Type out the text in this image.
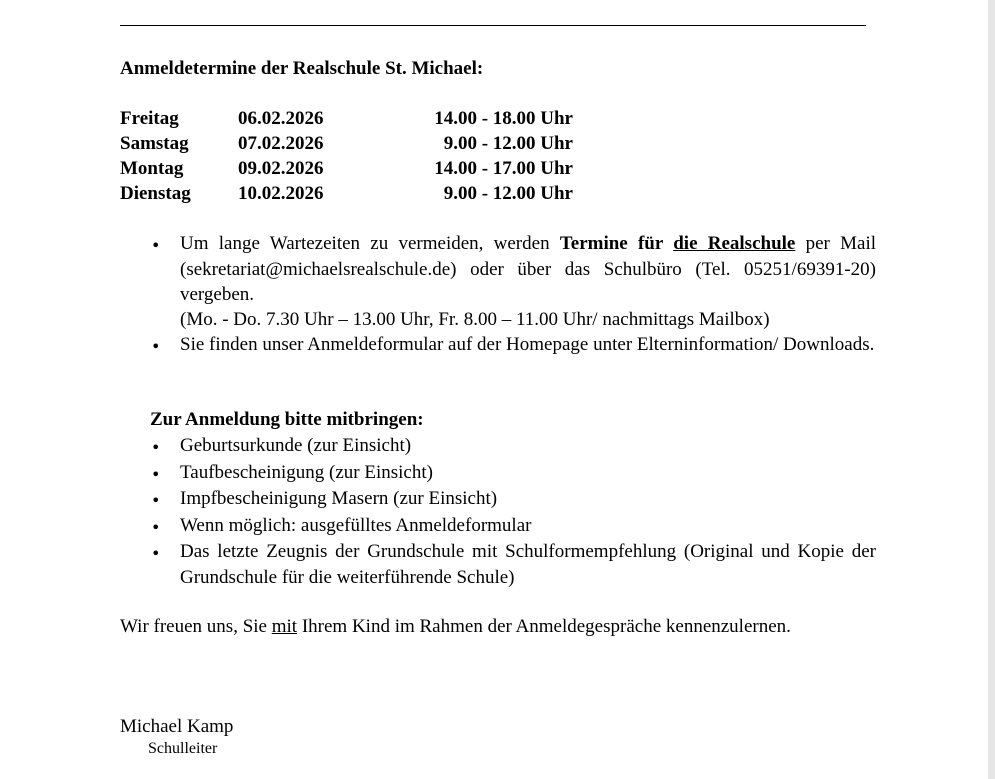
Anmeldetermine der Realschule St. Michael:
Freitag	06.02.2026	14.00 - 18.00 Uhr
Samstag	07.02.2026	9.00 - 12.00 Uhr
Montag	09.02.2026	14.00 - 17.00 Uhr
Dienstag 10.02.2026	9.00 - 12.00 Uhr
• Um lange Wartezeiten zu vermeiden, werden Termine für die Realschule per Mail (sekretariat@michaelsrealschule.de) oder über das Schulbüro (Tel. 05251/69391-20) vergeben.
(Mo. - Do. 7.30 Uhr – 13.00 Uhr, Fr. 8.00 – 11.00 Uhr/ nachmittags Mailbox)
• Sie finden unser Anmeldeformular auf der Homepage unter Elterninformation/ Downloads.
Zur Anmeldung bitte mitbringen:
• Geburtsurkunde (zur Einsicht)
• Taufbescheinigung (zur Einsicht)
• Impfbescheinigung Masern (zur Einsicht)
• Wenn möglich: ausgefülltes Anmeldeformular
• Das letzte Zeugnis der Grundschule mit Schulformempfehlung (Original und Kopie der Grundschule für die weiterführende Schule)
Wir freuen uns, Sie mit Ihrem Kind im Rahmen der Anmeldegespräche kennenzulernen.
Michael Kamp
Schulleiter
